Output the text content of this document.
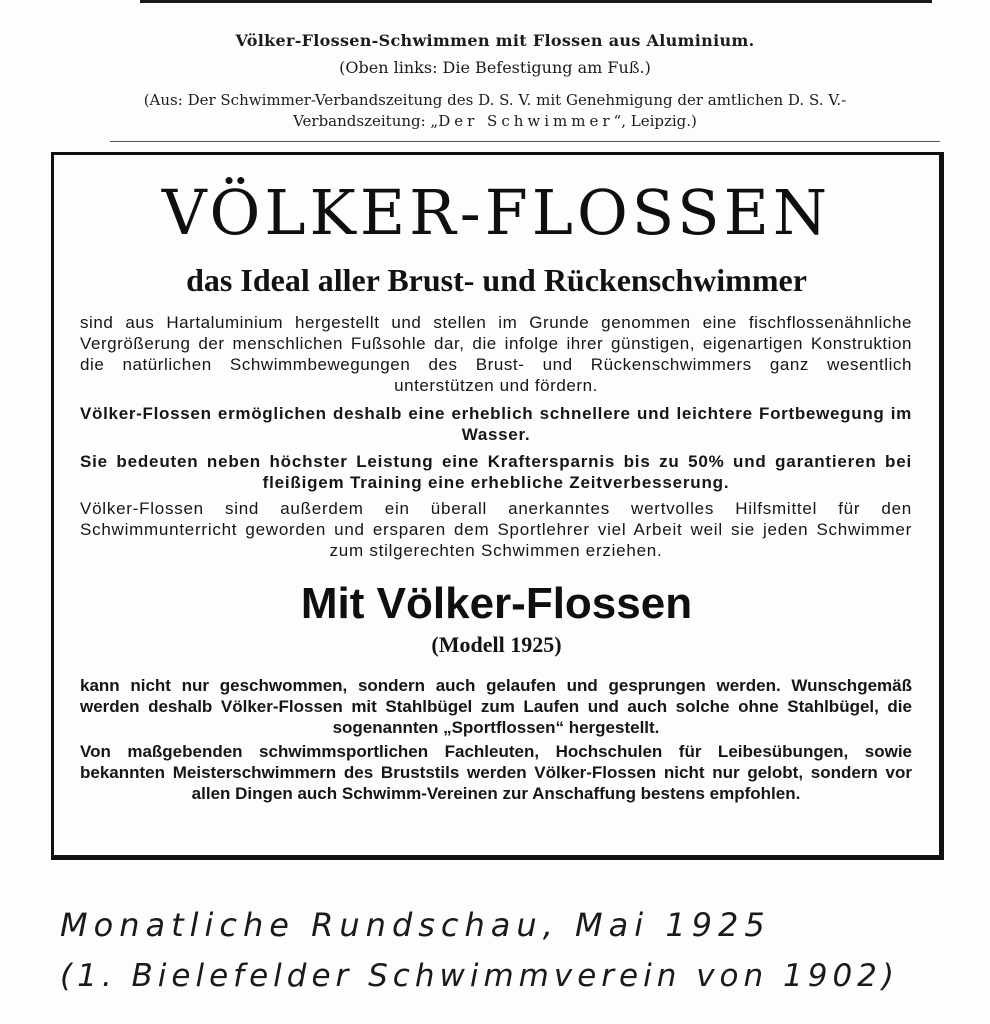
Völker-Flossen-Schwimmen mit Flossen aus Aluminium.
(Oben links: Die Befestigung am Fuß.)
(Aus: Der Schwimmer-Verbandszeitung des D. S. V. mit Genehmigung der amtlichen D. S. V.-
Verbandszeitung: „Der Schwimmer“, Leipzig.)
VÖLKER-FLOSSEN
das Ideal aller Brust- und Rückenschwimmer
sind aus Hartaluminium hergestellt und stellen im Grunde genommen eine fischflossenähnliche Vergrößerung der menschlichen Fußsohle dar, die infolge ihrer günstigen, eigenartigen Konstruktion die natürlichen Schwimmbewegungen des Brust- und Rückenschwimmers ganz wesentlich unterstützen und fördern.
Völker-Flossen ermöglichen deshalb eine erheblich schnellere und leichtere Fortbewegung im Wasser.
Sie bedeuten neben höchster Leistung eine Kraftersparnis bis zu 50% und garantieren bei fleißigem Training eine erhebliche Zeitverbesserung.
Völker-Flossen sind außerdem ein überall anerkanntes wertvolles Hilfsmittel für den Schwimmunterricht geworden und ersparen dem Sportlehrer viel Arbeit weil sie jeden Schwimmer zum stilgerechten Schwimmen erziehen.
Mit Völker-Flossen
(Modell 1925)
kann nicht nur geschwommen, sondern auch gelaufen und gesprungen werden. Wunschgemäß werden deshalb Völker-Flossen mit Stahlbügel zum Laufen und auch solche ohne Stahlbügel, die sogenannten „Sportflossen“ hergestellt.
Von maßgebenden schwimmsportlichen Fachleuten, Hochschulen für Leibesübungen, sowie bekannten Meisterschwimmern des Bruststils werden Völker-Flossen nicht nur gelobt, sondern vor allen Dingen auch Schwimm-Vereinen zur Anschaffung bestens empfohlen.
Monatliche Rundschau, Mai 1925
(1. Bielefelder Schwimmverein von 1902)
